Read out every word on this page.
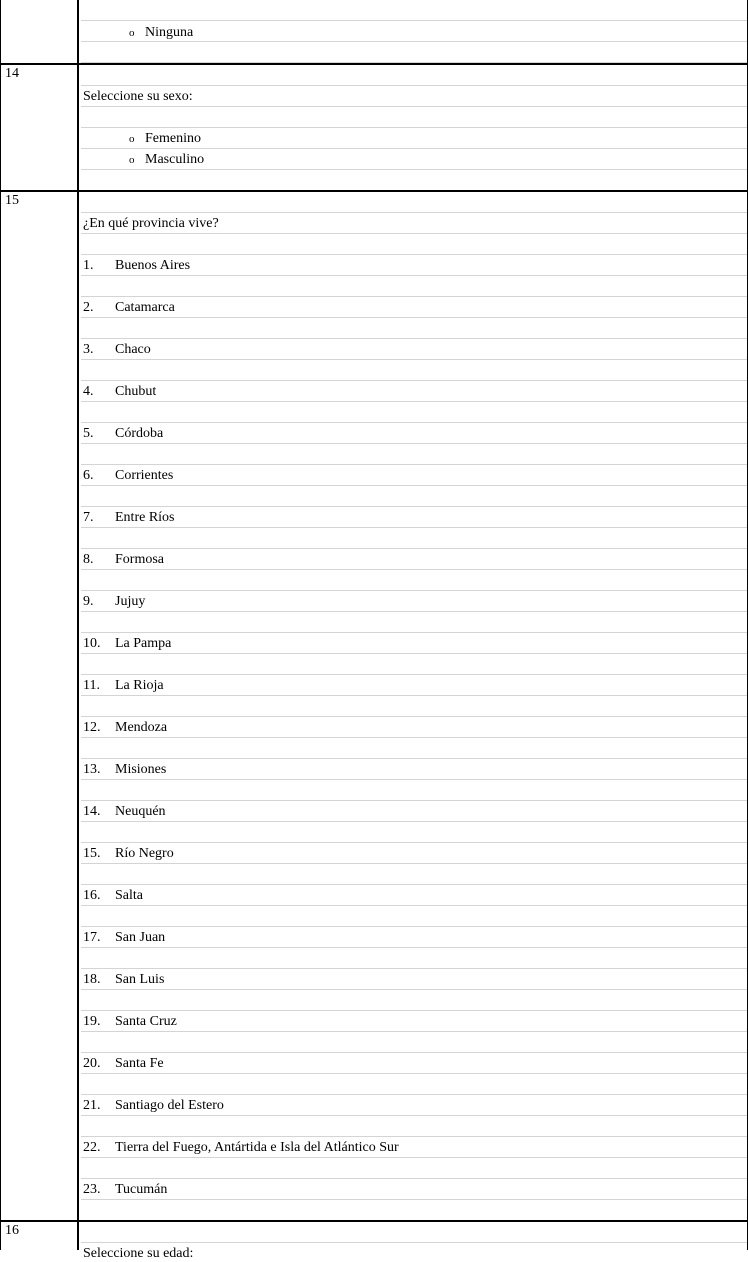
o Ninguna
14
Seleccione su sexo:
o Femenino
o Masculino
15
¿En qué provincia vive?
1. Buenos Aires
2. Catamarca
3. Chaco
4. Chubut
5. Córdoba
6. Corrientes
7. Entre Ríos
8. Formosa
9. Jujuy
10. La Pampa
11. La Rioja
12. Mendoza
13. Misiones
14. Neuquén
15. Río Negro
16. Salta
17. San Juan
18. San Luis
19. Santa Cruz
20. Santa Fe
21. Santiago del Estero
22. Tierra del Fuego, Antártida e Isla del Atlántico Sur
23. Tucumán
16
Seleccione su edad:
